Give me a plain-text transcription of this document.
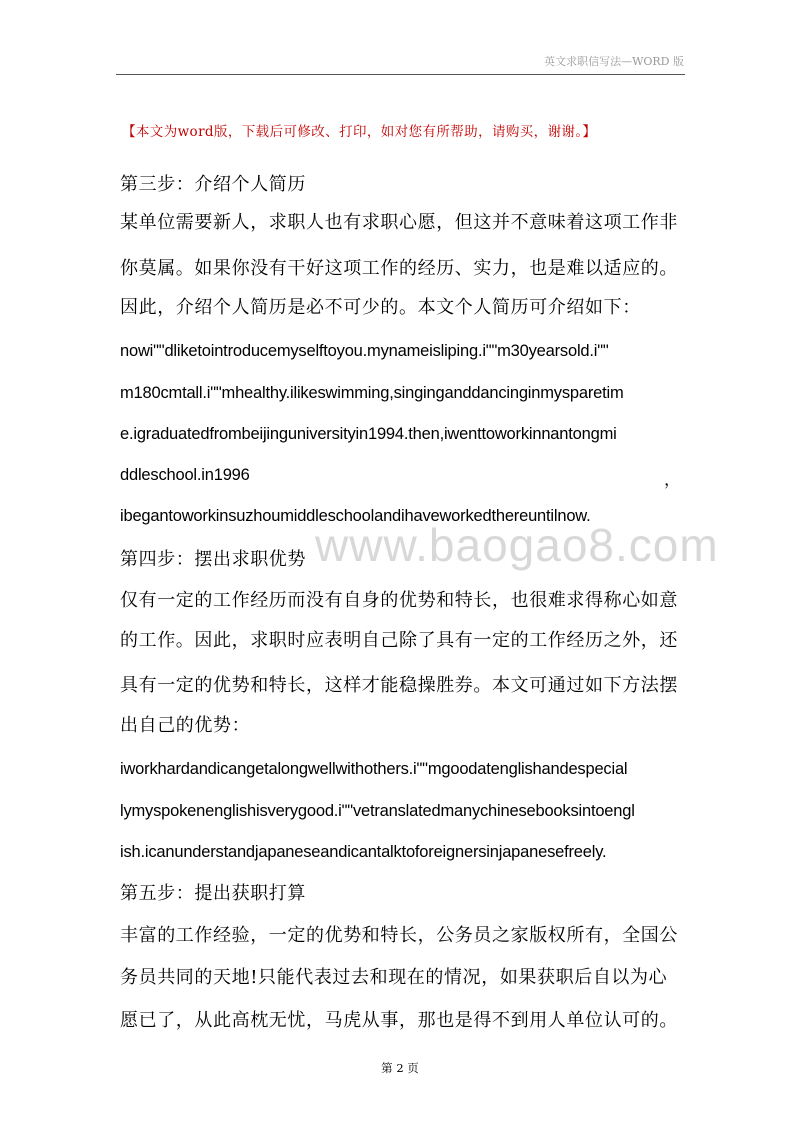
英文求职信写法—WORD 版
【本文为word版，下载后可修改、打印，如对您有所帮助，请购买，谢谢。】
www.baogao8.com
第三步：介绍个人简历
某单位需要新人，求职人也有求职心愿，但这并不意味着这项工作非
你莫属。如果你没有干好这项工作的经历、实力，也是难以适应的。
因此，介绍个人简历是必不可少的。本文个人简历可介绍如下：
nowi""dliketointroducemyselftoyou.mynameisliping.i""m30yearsold.i""
m180cmtall.i""mhealthy.ilikeswimming,singinganddancinginmysparetim
e.igraduatedfrombeijinguniversityin1994.then,iwenttoworkinnantongmi
ddleschool.in1996	，
ibegantoworkinsuzhoumiddleschoolandihaveworkedthereuntilnow.
第四步：摆出求职优势
仅有一定的工作经历而没有自身的优势和特长，也很难求得称心如意
的工作。因此，求职时应表明自己除了具有一定的工作经历之外，还
具有一定的优势和特长，这样才能稳操胜券。本文可通过如下方法摆
出自己的优势：
iworkhardandicangetalongwellwithothers.i""mgoodatenglishandespecial
lymyspokenenglishisverygood.i""vetranslatedmanychinesebooksintoengl
ish.icanunderstandjapaneseandicantalktoforeignersinjapanesefreely.
第五步：提出获职打算
丰富的工作经验，一定的优势和特长，公务员之家版权所有，全国公
务员共同的天地!只能代表过去和现在的情况，如果获职后自以为心
愿已了，从此高枕无忧，马虎从事，那也是得不到用人单位认可的。
第 2 页
